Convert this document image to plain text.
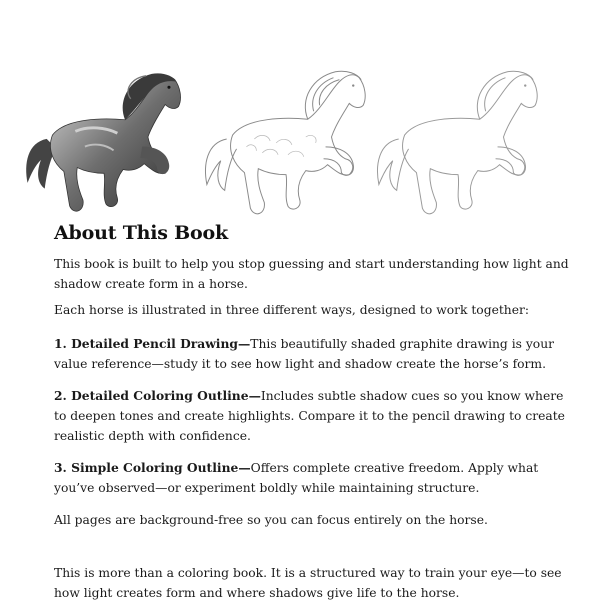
About This Book

This book is built to help you stop guessing and start understanding how light and shadow create form in a horse.

Each horse is illustrated in three different ways, designed to work together:

1. Detailed Pencil Drawing—This beautifully shaded graphite drawing is your value reference—study it to see how light and shadow create the horse’s form.

2. Detailed Coloring Outline—Includes subtle shadow cues so you know where to deepen tones and create highlights. Compare it to the pencil drawing to create realistic depth with confidence.

3. Simple Coloring Outline—Offers complete creative freedom. Apply what you’ve observed—or experiment boldly while maintaining structure.

All pages are background-free so you can focus entirely on the horse.

This is more than a coloring book. It is a structured way to train your eye—to see how light creates form and where shadows give life to the horse.
